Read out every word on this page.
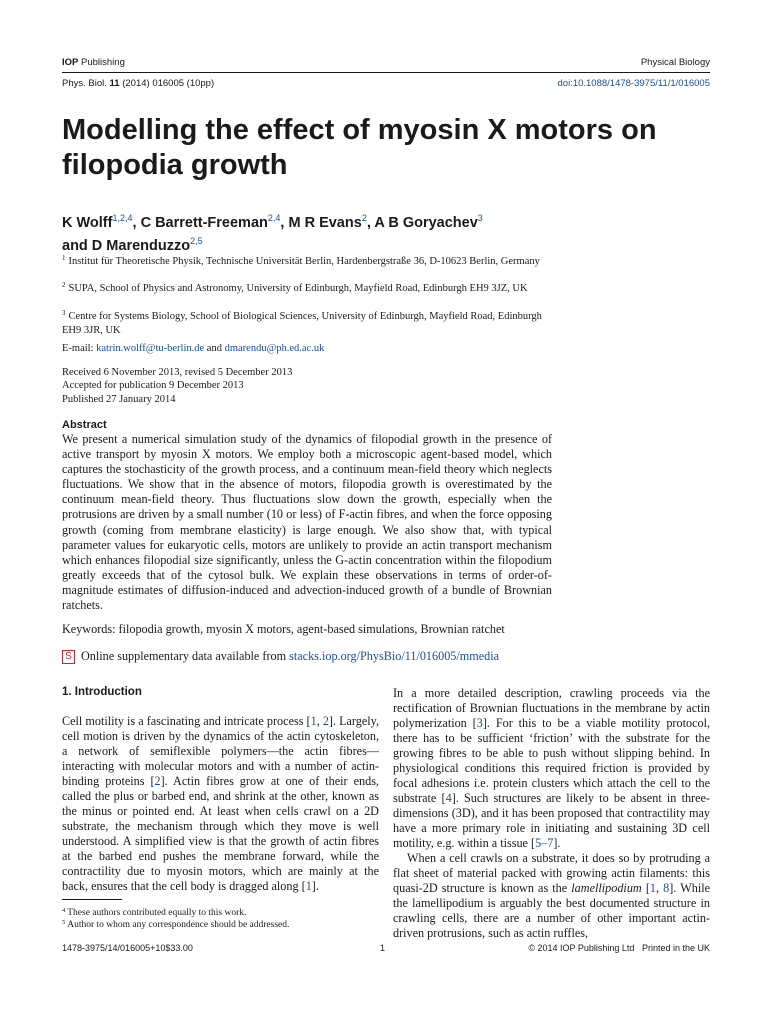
IOP Publishing	Physical Biology
Phys. Biol. 11 (2014) 016005 (10pp)	doi:10.1088/1478-3975/11/1/016005
Modelling the effect of myosin X motors on filopodia growth
K Wolff$^{1,2,4}$, C Barrett-Freeman$^{2,4}$, M R Evans$^2$, A B Goryachev$^3$
and D Marenduzzo$^{2,5}$
$^1$ Institut für Theoretische Physik, Technische Universität Berlin, Hardenbergstraße 36, D-10623 Berlin, Germany
$^2$ SUPA, School of Physics and Astronomy, University of Edinburgh, Mayfield Road, Edinburgh EH9 3JZ, UK
$^3$ Centre for Systems Biology, School of Biological Sciences, University of Edinburgh, Mayfield Road, Edinburgh EH9 3JR, UK
E-mail: katrin.wolff@tu-berlin.de and dmarendu@ph.ed.ac.uk
Received 6 November 2013, revised 5 December 2013
Accepted for publication 9 December 2013
Published 27 January 2014
Abstract
We present a numerical simulation study of the dynamics of filopodial growth in the presence of active transport by myosin X motors. We employ both a microscopic agent-based model, which captures the stochasticity of the growth process, and a continuum mean-field theory which neglects fluctuations. We show that in the absence of motors, filopodia growth is overestimated by the continuum mean-field theory. Thus fluctuations slow down the growth, especially when the protrusions are driven by a small number (10 or less) of F-actin fibres, and when the force opposing growth (coming from membrane elasticity) is large enough. We also show that, with typical parameter values for eukaryotic cells, motors are unlikely to provide an actin transport mechanism which enhances filopodial size significantly, unless the G-actin concentration within the filopodium greatly exceeds that of the cytosol bulk. We explain these observations in terms of order-of-magnitude estimates of diffusion-induced and advection-induced growth of a bundle of Brownian ratchets.
Keywords: filopodia growth, myosin X motors, agent-based simulations, Brownian ratchet
S Online supplementary data available from
stacks.iop.org/PhysBio/11/016005/mmedia
1. Introduction

Cell motility is a fascinating and intricate process [1, 2]. Largely, cell motion is driven by the dynamics of the actin cytoskeleton, a network of semiflexible polymers—the actin fibres—interacting with molecular motors and with a number of actin-binding proteins [2]. Actin fibres grow at one of their ends, called the plus or barbed end, and shrink at the other, known as the minus or pointed end. At least when cells crawl on a 2D substrate, the mechanism through which they move is well understood. A simplified view is that the growth of actin fibres at the barbed end pushes the membrane forward, while the contractility due to myosin motors, which are mainly at the back, ensures that the cell body is dragged along [1].

In a more detailed description, crawling proceeds via the rectification of Brownian fluctuations in the membrane by actin polymerization [3]. For this to be a viable motility protocol, there has to be sufficient ‘friction’ with the substrate for the growing fibres to be able to push without slipping behind. In physiological conditions this required friction is provided by focal adhesions i.e. protein clusters which attach the cell to the substrate [4]. Such structures are likely to be absent in three-dimensions (3D), and it has been proposed that contractility may have a more primary role in initiating and sustaining 3D cell motility, e.g. within a tissue [5–7].

When a cell crawls on a substrate, it does so by protruding a flat sheet of material packed with growing actin filaments: this quasi-2D structure is known as the lamellipodium [1, 8]. While the lamellipodium is arguably the best documented structure in crawling cells, there are a number of other important actin-driven protrusions, such as actin ruffles,

$^4$ These authors contributed equally to this work.
$^5$ Author to whom any correspondence should be addressed.
1478-3975/14/016005+10$33.00	1	© 2014 IOP Publishing Ltd Printed in the UK
